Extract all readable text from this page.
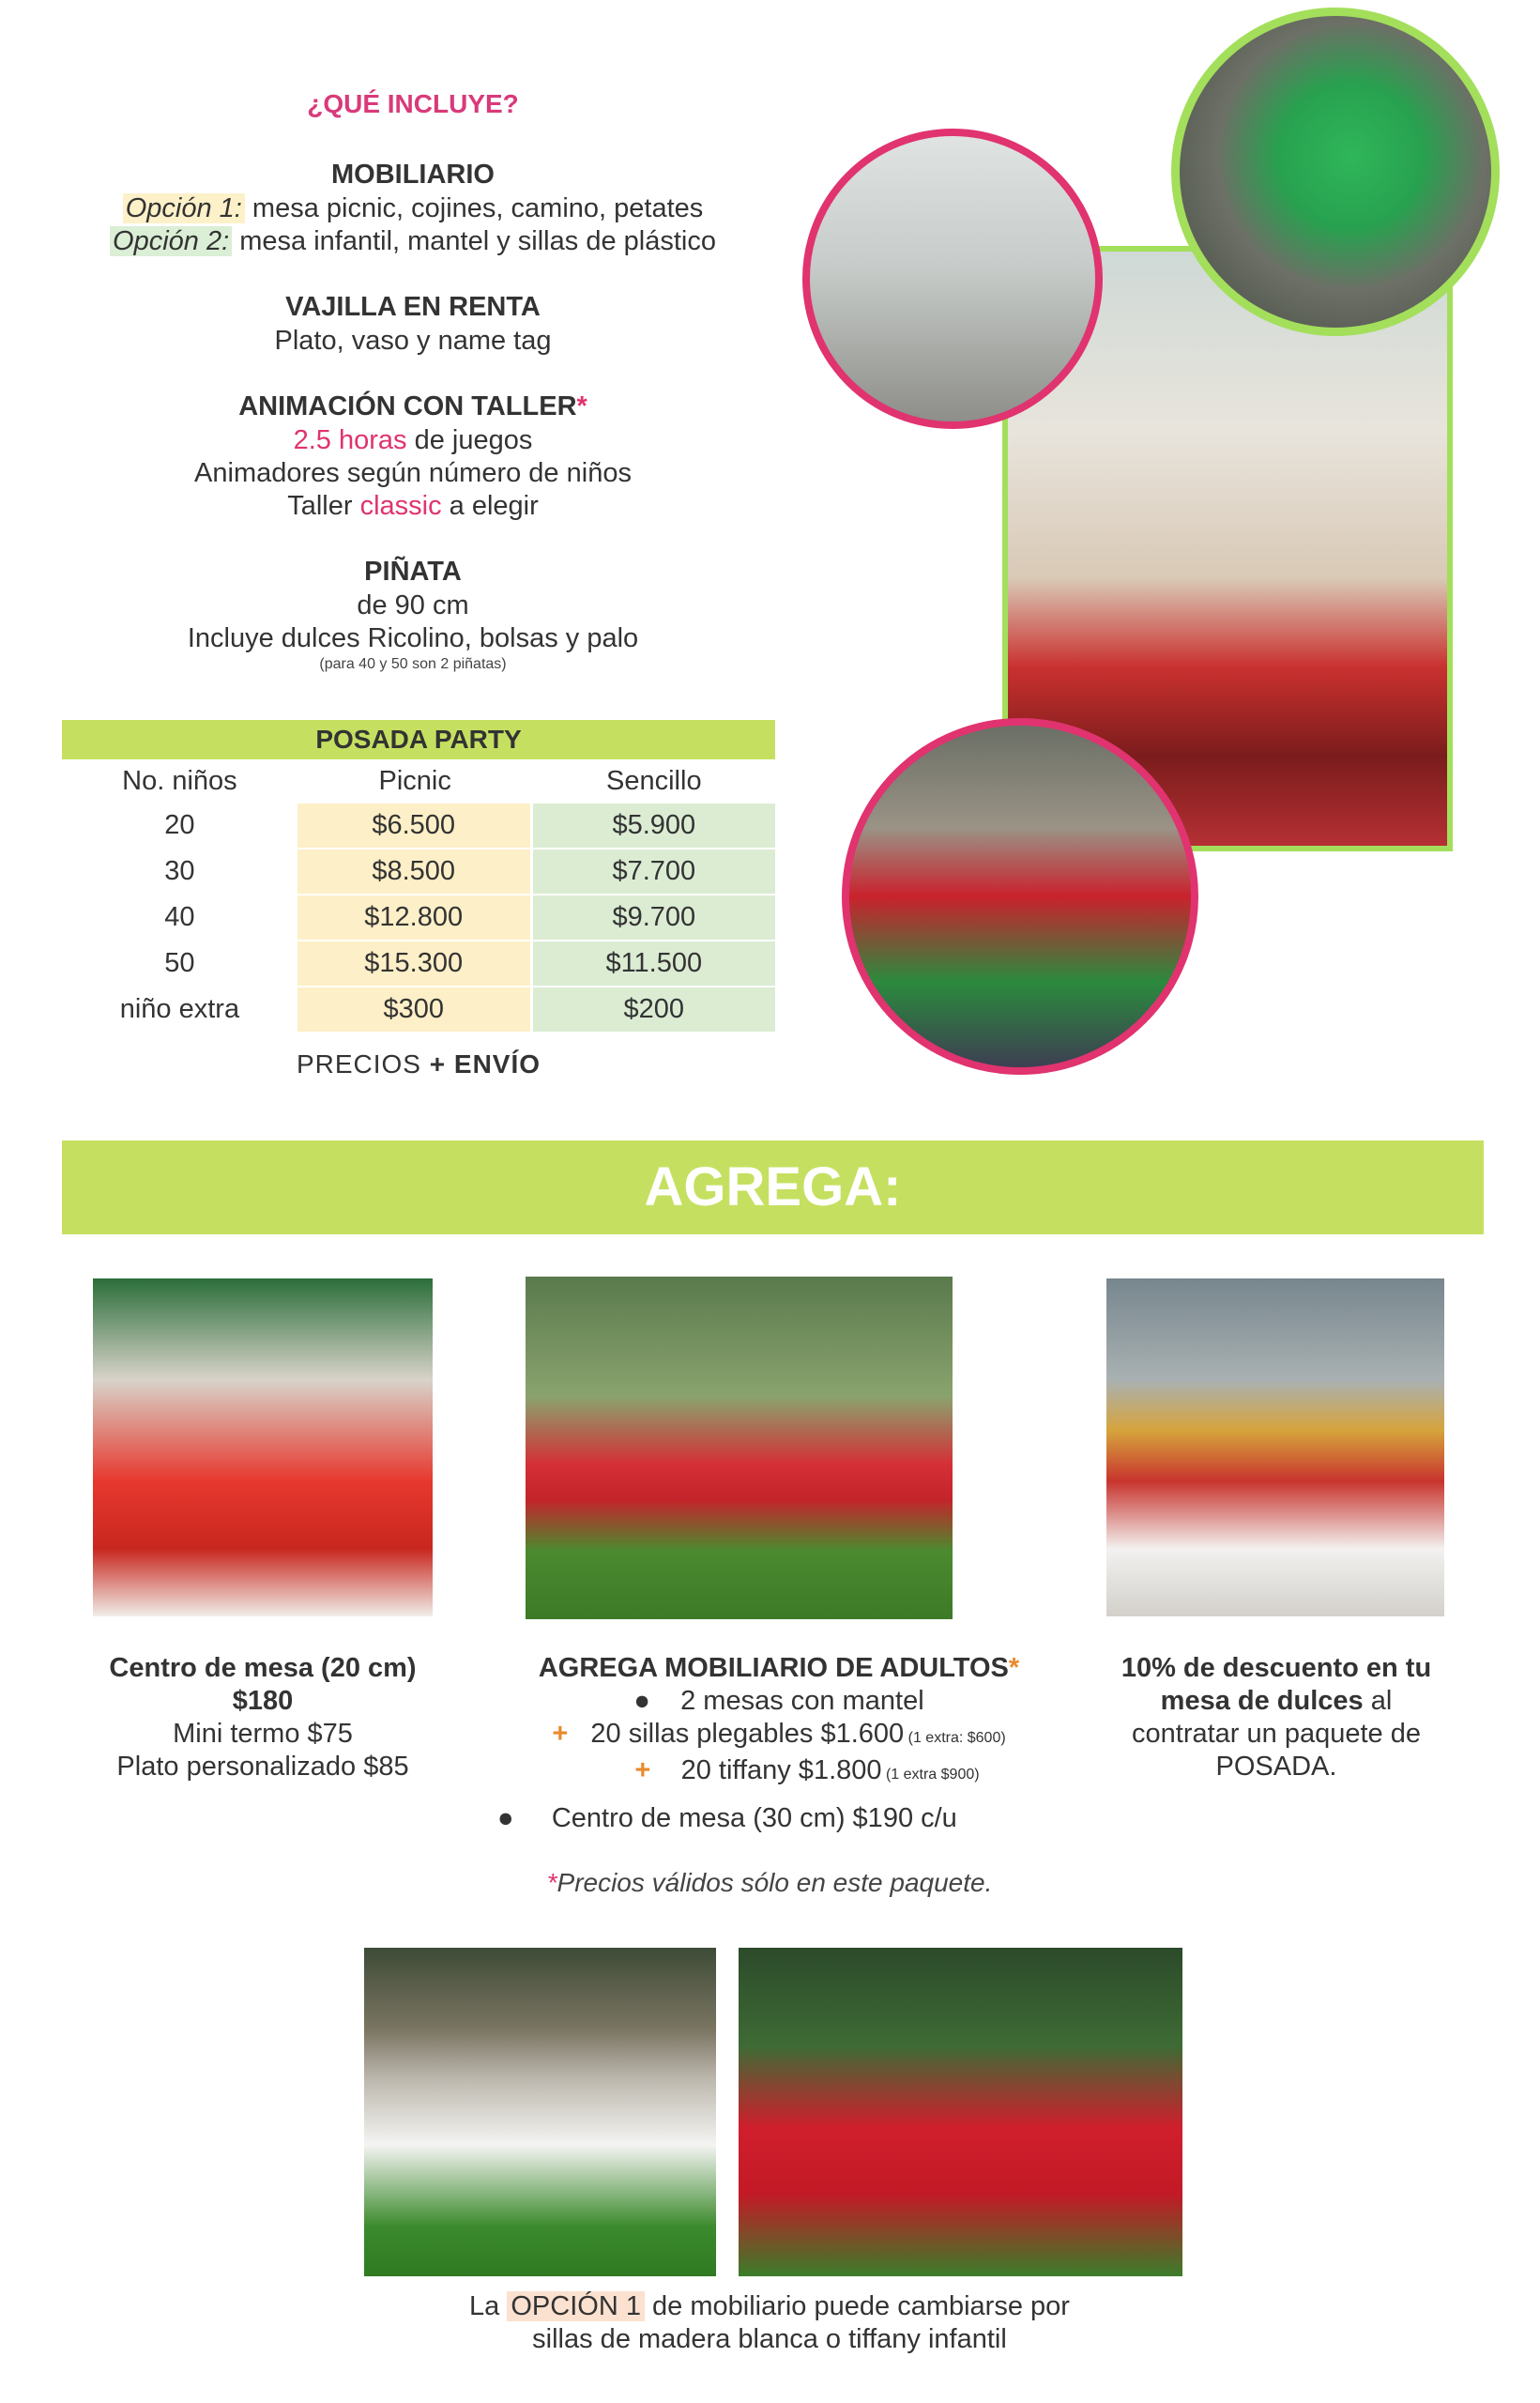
¿QUÉ INCLUYE?
MOBILIARIO
Opción 1: mesa picnic, cojines, camino, petates
Opción 2: mesa infantil, mantel y sillas de plástico
VAJILLA EN RENTA
Plato, vaso y name tag
ANIMACIÓN CON TALLER*
2.5 horas de juegos
Animadores según número de niños
Taller classic a elegir
PIÑATA
de 90 cm
Incluye dulces Ricolino, bolsas y palo
(para 40 y 50 son 2 piñatas)
POSADA PARTY		
No. niños	Picnic	Sencillo
20	$6.500	$5.900
30	$8.500	$7.700
40	$12.800	$9.700
50	$15.300	$11.500
niño extra	$300	$200
PRECIOS + ENVÍO
AGREGA:
Centro de mesa (20 cm)
$180
Mini termo $75
Plato personalizado $85
AGREGA MOBILIARIO DE ADULTOS*
● 2 mesas con mantel
+ 20 sillas plegables $1.600 (1 extra: $600)
+ 20 tiffany $1.800 (1 extra $900)
● Centro de mesa (30 cm) $190 c/u
10% de descuento en tu
mesa de dulces al
contratar un paquete de
POSADA.
*Precios válidos sólo en este paquete.
La OPCIÓN 1 de mobiliario puede cambiarse por
sillas de madera blanca o tiffany infantil
